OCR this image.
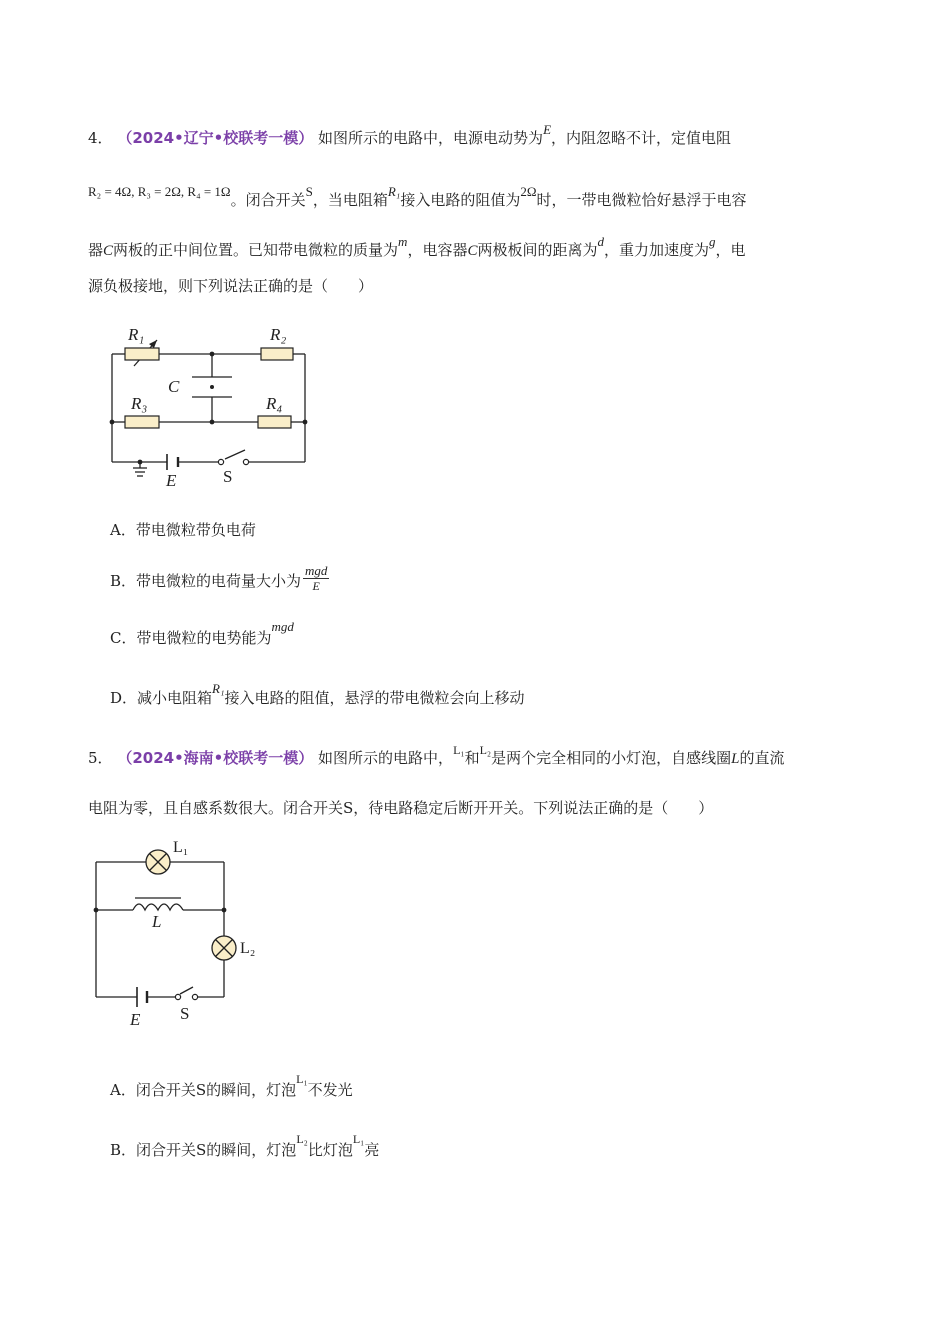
4． （2024•辽宁•校联考一模） 如图所示的电路中，电源电动势为E，内阻忽略不计，定值电阻
R₂ = 4Ω, R₃ = 2Ω, R₄ = 1Ω。闭合开关S，当电阻箱R₁接入电路的阻值为2Ω时，一带电微粒恰好悬浮于电容
器C两板的正中间位置。已知带电微粒的质量为m，电容器C两极板间的距离为d，重力加速度为g，电
源负极接地，则下列说法正确的是（　　）
R₁	R₂
C
R₃	R₄
E	S
A．带电微粒带负电荷
B．带电微粒的电荷量大小为 $\frac{\text{mgd}}{E}$
C．带电微粒的电势能为mgd
D．减小电阻箱R₁接入电路的阻值，悬浮的带电微粒会向上移动
5． （2024•海南•校联考一模） 如图所示的电路中，$^{L_1}$和$^{L_2}$是两个完全相同的小灯泡，自感线圈L的直流
电阻为零，且自感系数很大。闭合开关S，待电路稳定后断开开关。下列说法正确的是（　　）
L₁
L₂
L
E S
A．闭合开关S的瞬间，灯泡$^{L_1}$不发光
B．闭合开关S的瞬间，灯泡$^{L_2}$比灯泡$^{L_1}$亮
